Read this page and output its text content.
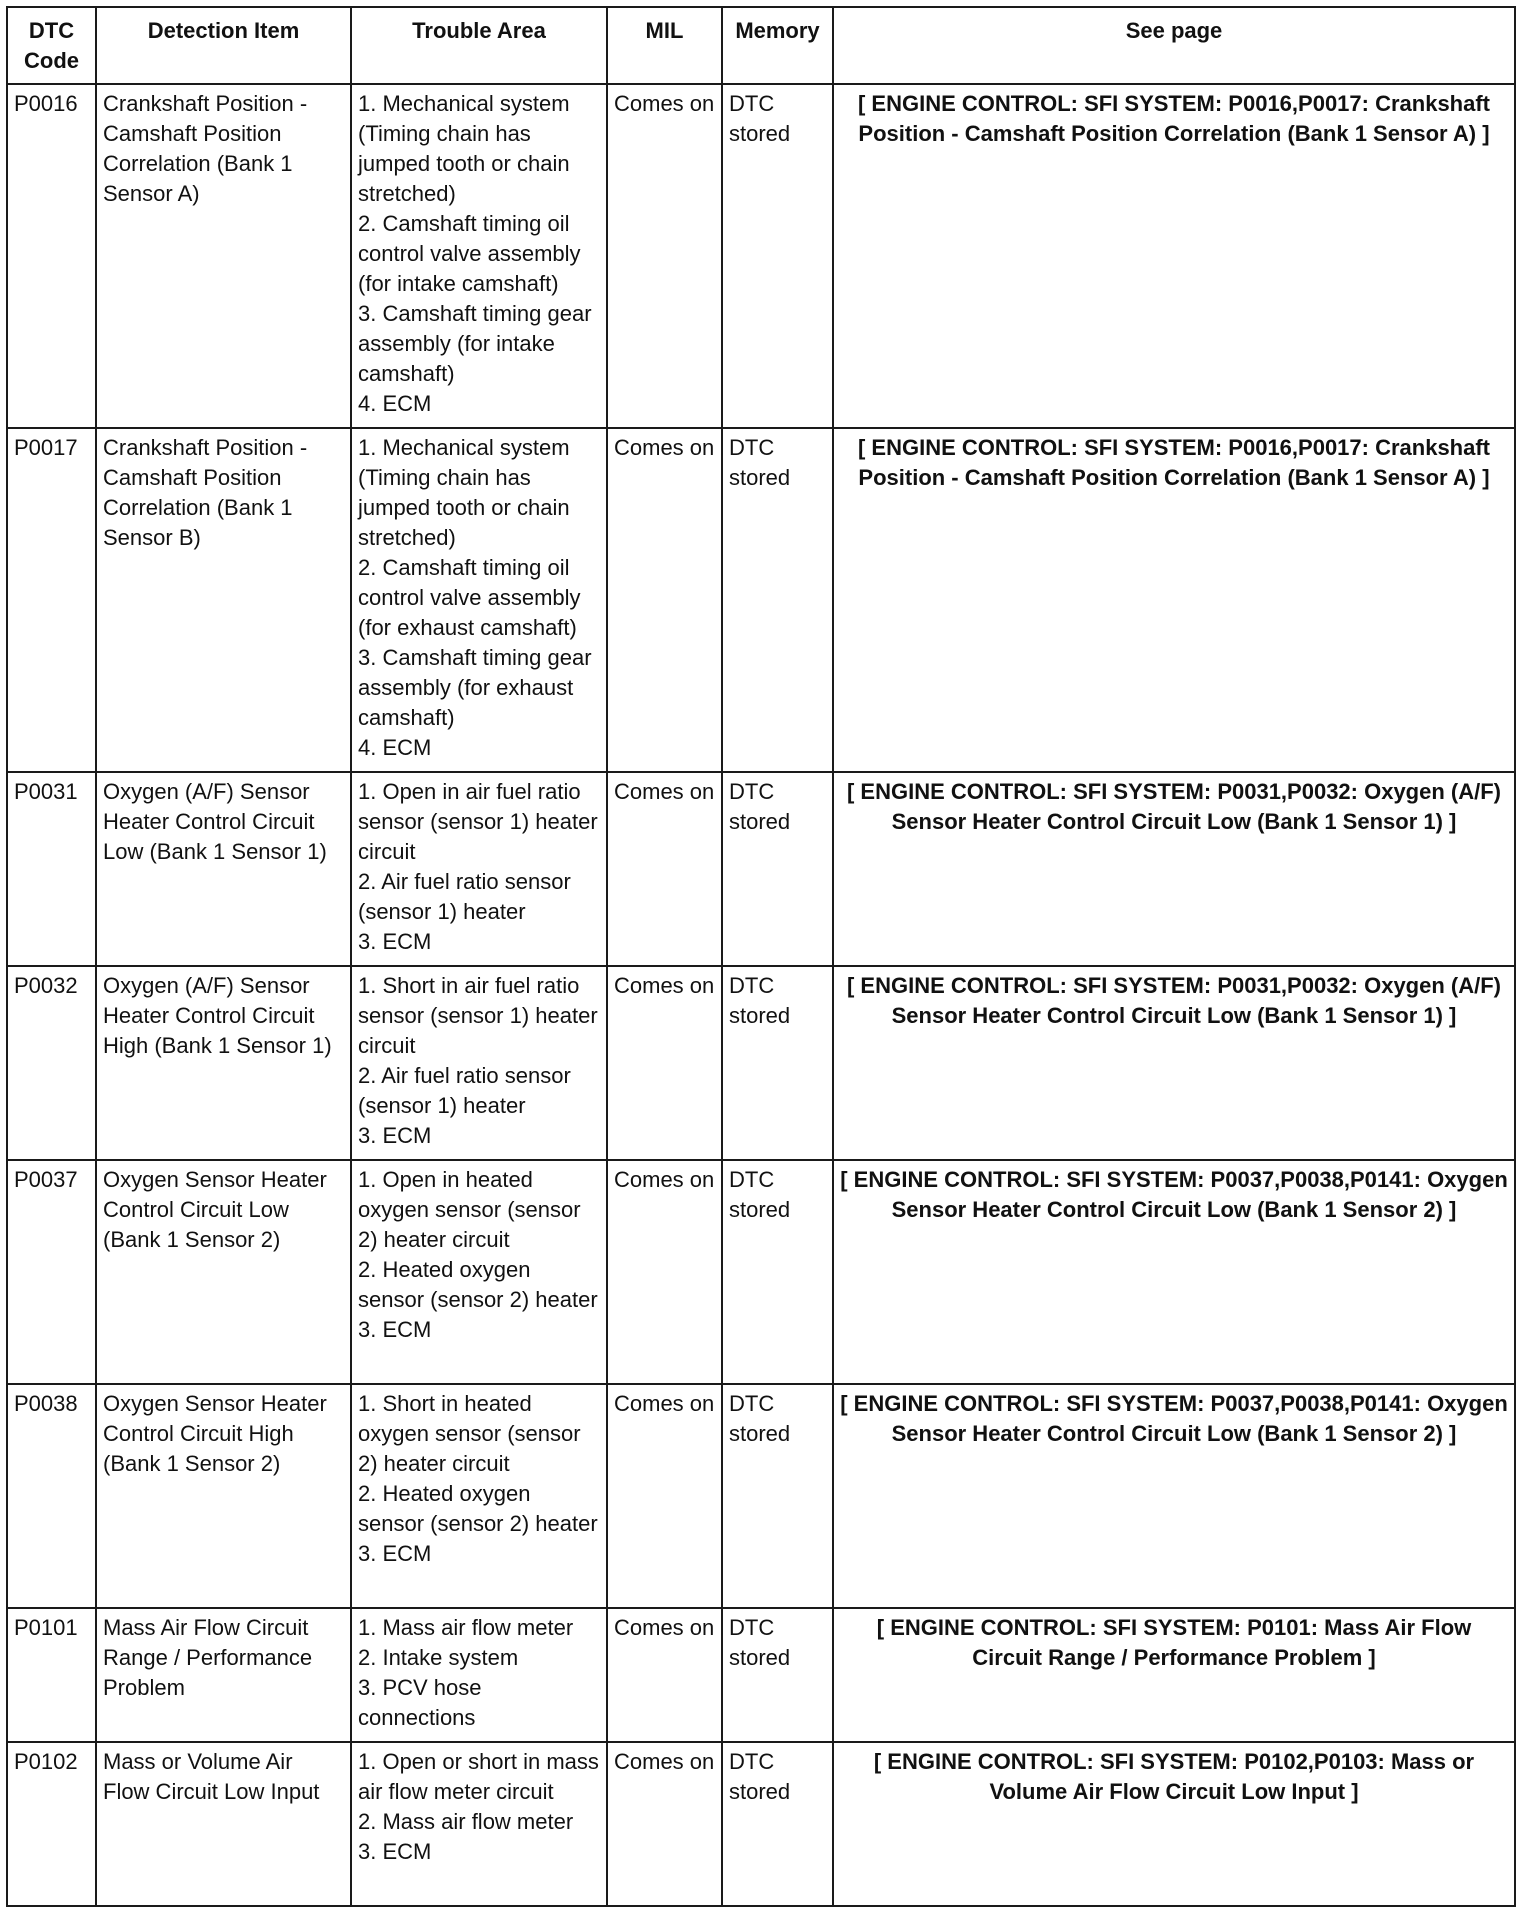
DTC
Code	Detection Item	Trouble Area	MIL	Memory	See page
P0016	Crankshaft Position - Camshaft Position Correlation (Bank 1 Sensor A)	1. Mechanical system (Timing chain has jumped tooth or chain stretched)
2. Camshaft timing oil control valve assembly (for intake camshaft)
3. Camshaft timing gear assembly (for intake camshaft)
4. ECM	Comes on	DTC stored	[ ENGINE CONTROL: SFI SYSTEM: P0016,P0017: Crankshaft Position - Camshaft Position Correlation (Bank 1 Sensor A) ]
P0017	Crankshaft Position - Camshaft Position Correlation (Bank 1 Sensor B)	1. Mechanical system (Timing chain has jumped tooth or chain stretched)
2. Camshaft timing oil control valve assembly (for exhaust camshaft)
3. Camshaft timing gear assembly (for exhaust camshaft)
4. ECM	Comes on	DTC stored	[ ENGINE CONTROL: SFI SYSTEM: P0016,P0017: Crankshaft Position - Camshaft Position Correlation (Bank 1 Sensor A) ]
P0031	Oxygen (A/F) Sensor Heater Control Circuit Low (Bank 1 Sensor 1)	1. Open in air fuel ratio sensor (sensor 1) heater circuit
2. Air fuel ratio sensor (sensor 1) heater
3. ECM	Comes on	DTC stored	[ ENGINE CONTROL: SFI SYSTEM: P0031,P0032: Oxygen (A/F) Sensor Heater Control Circuit Low (Bank 1 Sensor 1) ]
P0032	Oxygen (A/F) Sensor Heater Control Circuit High (Bank 1 Sensor 1)	1. Short in air fuel ratio sensor (sensor 1) heater circuit
2. Air fuel ratio sensor (sensor 1) heater
3. ECM	Comes on	DTC stored	[ ENGINE CONTROL: SFI SYSTEM: P0031,P0032: Oxygen (A/F) Sensor Heater Control Circuit Low (Bank 1 Sensor 1) ]
P0037	Oxygen Sensor Heater Control Circuit Low (Bank 1 Sensor 2)	1. Open in heated oxygen sensor (sensor 2) heater circuit
2. Heated oxygen sensor (sensor 2) heater
3. ECM	Comes on	DTC stored	[ ENGINE CONTROL: SFI SYSTEM: P0037,P0038,P0141: Oxygen Sensor Heater Control Circuit Low (Bank 1 Sensor 2) ]
P0038	Oxygen Sensor Heater Control Circuit High (Bank 1 Sensor 2)	1. Short in heated oxygen sensor (sensor 2) heater circuit
2. Heated oxygen sensor (sensor 2) heater
3. ECM	Comes on	DTC stored	[ ENGINE CONTROL: SFI SYSTEM: P0037,P0038,P0141: Oxygen Sensor Heater Control Circuit Low (Bank 1 Sensor 2) ]
P0101	Mass Air Flow Circuit Range / Performance Problem	1. Mass air flow meter
2. Intake system
3. PCV hose connections	Comes on	DTC stored	[ ENGINE CONTROL: SFI SYSTEM: P0101: Mass Air Flow Circuit Range / Performance Problem ]
P0102	Mass or Volume Air Flow Circuit Low Input	1. Open or short in mass air flow meter circuit
2. Mass air flow meter
3. ECM	Comes on	DTC stored	[ ENGINE CONTROL: SFI SYSTEM: P0102,P0103: Mass or Volume Air Flow Circuit Low Input ]
